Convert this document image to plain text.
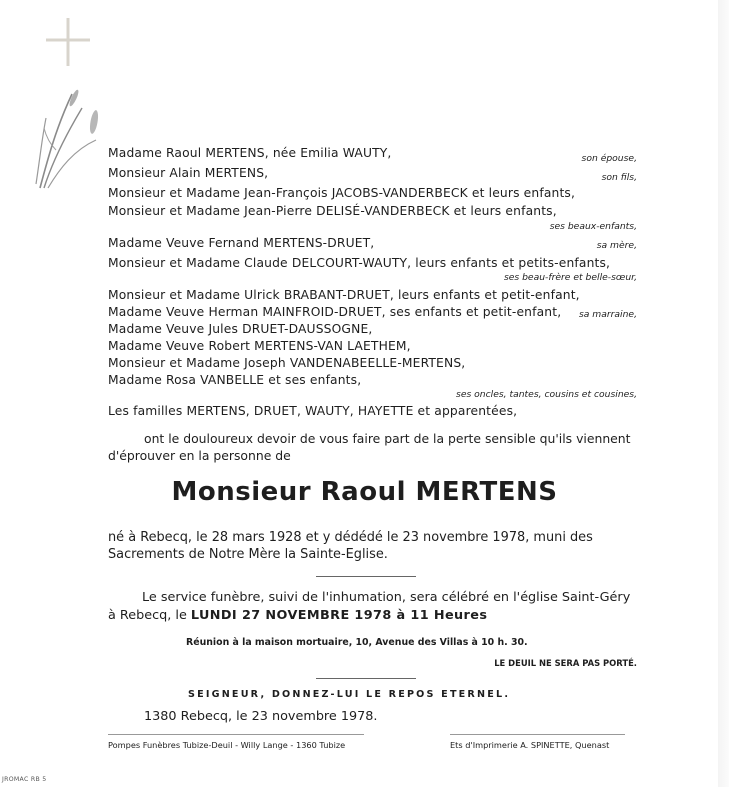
Madame Raoul MERTENS, née Emilia WAUTY,	son épouse,
Monsieur Alain MERTENS,	son fils,
Monsieur et Madame Jean-François JACOBS-VANDERBECK et leurs enfants,
Monsieur et Madame Jean-Pierre DELISÉ-VANDERBECK et leurs enfants,
ses beaux-enfants,
Madame Veuve Fernand MERTENS-DRUET,	sa mère,
Monsieur et Madame Claude DELCOURT-WAUTY, leurs enfants et petits-enfants,
ses beau-frère et belle-sœur,
Monsieur et Madame Ulrick BRABANT-DRUET, leurs enfants et petit-enfant,
Madame Veuve Herman MAINFROID-DRUET, ses enfants et petit-enfant, sa marraine,
Madame Veuve Jules DRUET-DAUSSOGNE,
Madame Veuve Robert MERTENS-VAN LAETHEM,
Monsieur et Madame Joseph VANDENABEELLE-MERTENS,
Madame Rosa VANBELLE et ses enfants,
ses oncles, tantes, cousins et cousines,
Les familles MERTENS, DRUET, WAUTY, HAYETTE et apparentées,
ont le douloureux devoir de vous faire part de la perte sensible qu'ils viennent
d'éprouver en la personne de
Monsieur Raoul MERTENS
né à Rebecq, le 28 mars 1928 et y dédédé le 23 novembre 1978, muni des
Sacrements de Notre Mère la Sainte-Eglise.
Le service funèbre, suivi de l'inhumation, sera célébré en l'église Saint-Géry
à Rebecq, le LUNDI 27 NOVEMBRE 1978 à 11 Heures
Réunion à la maison mortuaire, 10, Avenue des Villas à 10 h. 30.
LE DEUIL NE SERA PAS PORTÉ.
SEIGNEUR, DONNEZ-LUI LE REPOS ETERNEL.
1380 Rebecq, le 23 novembre 1978.
Pompes Funèbres Tubize-Deuil - Willy Lange - 1360 Tubize	Ets d'Imprimerie A. SPINETTE, Quenast
JROMAC RB 5
